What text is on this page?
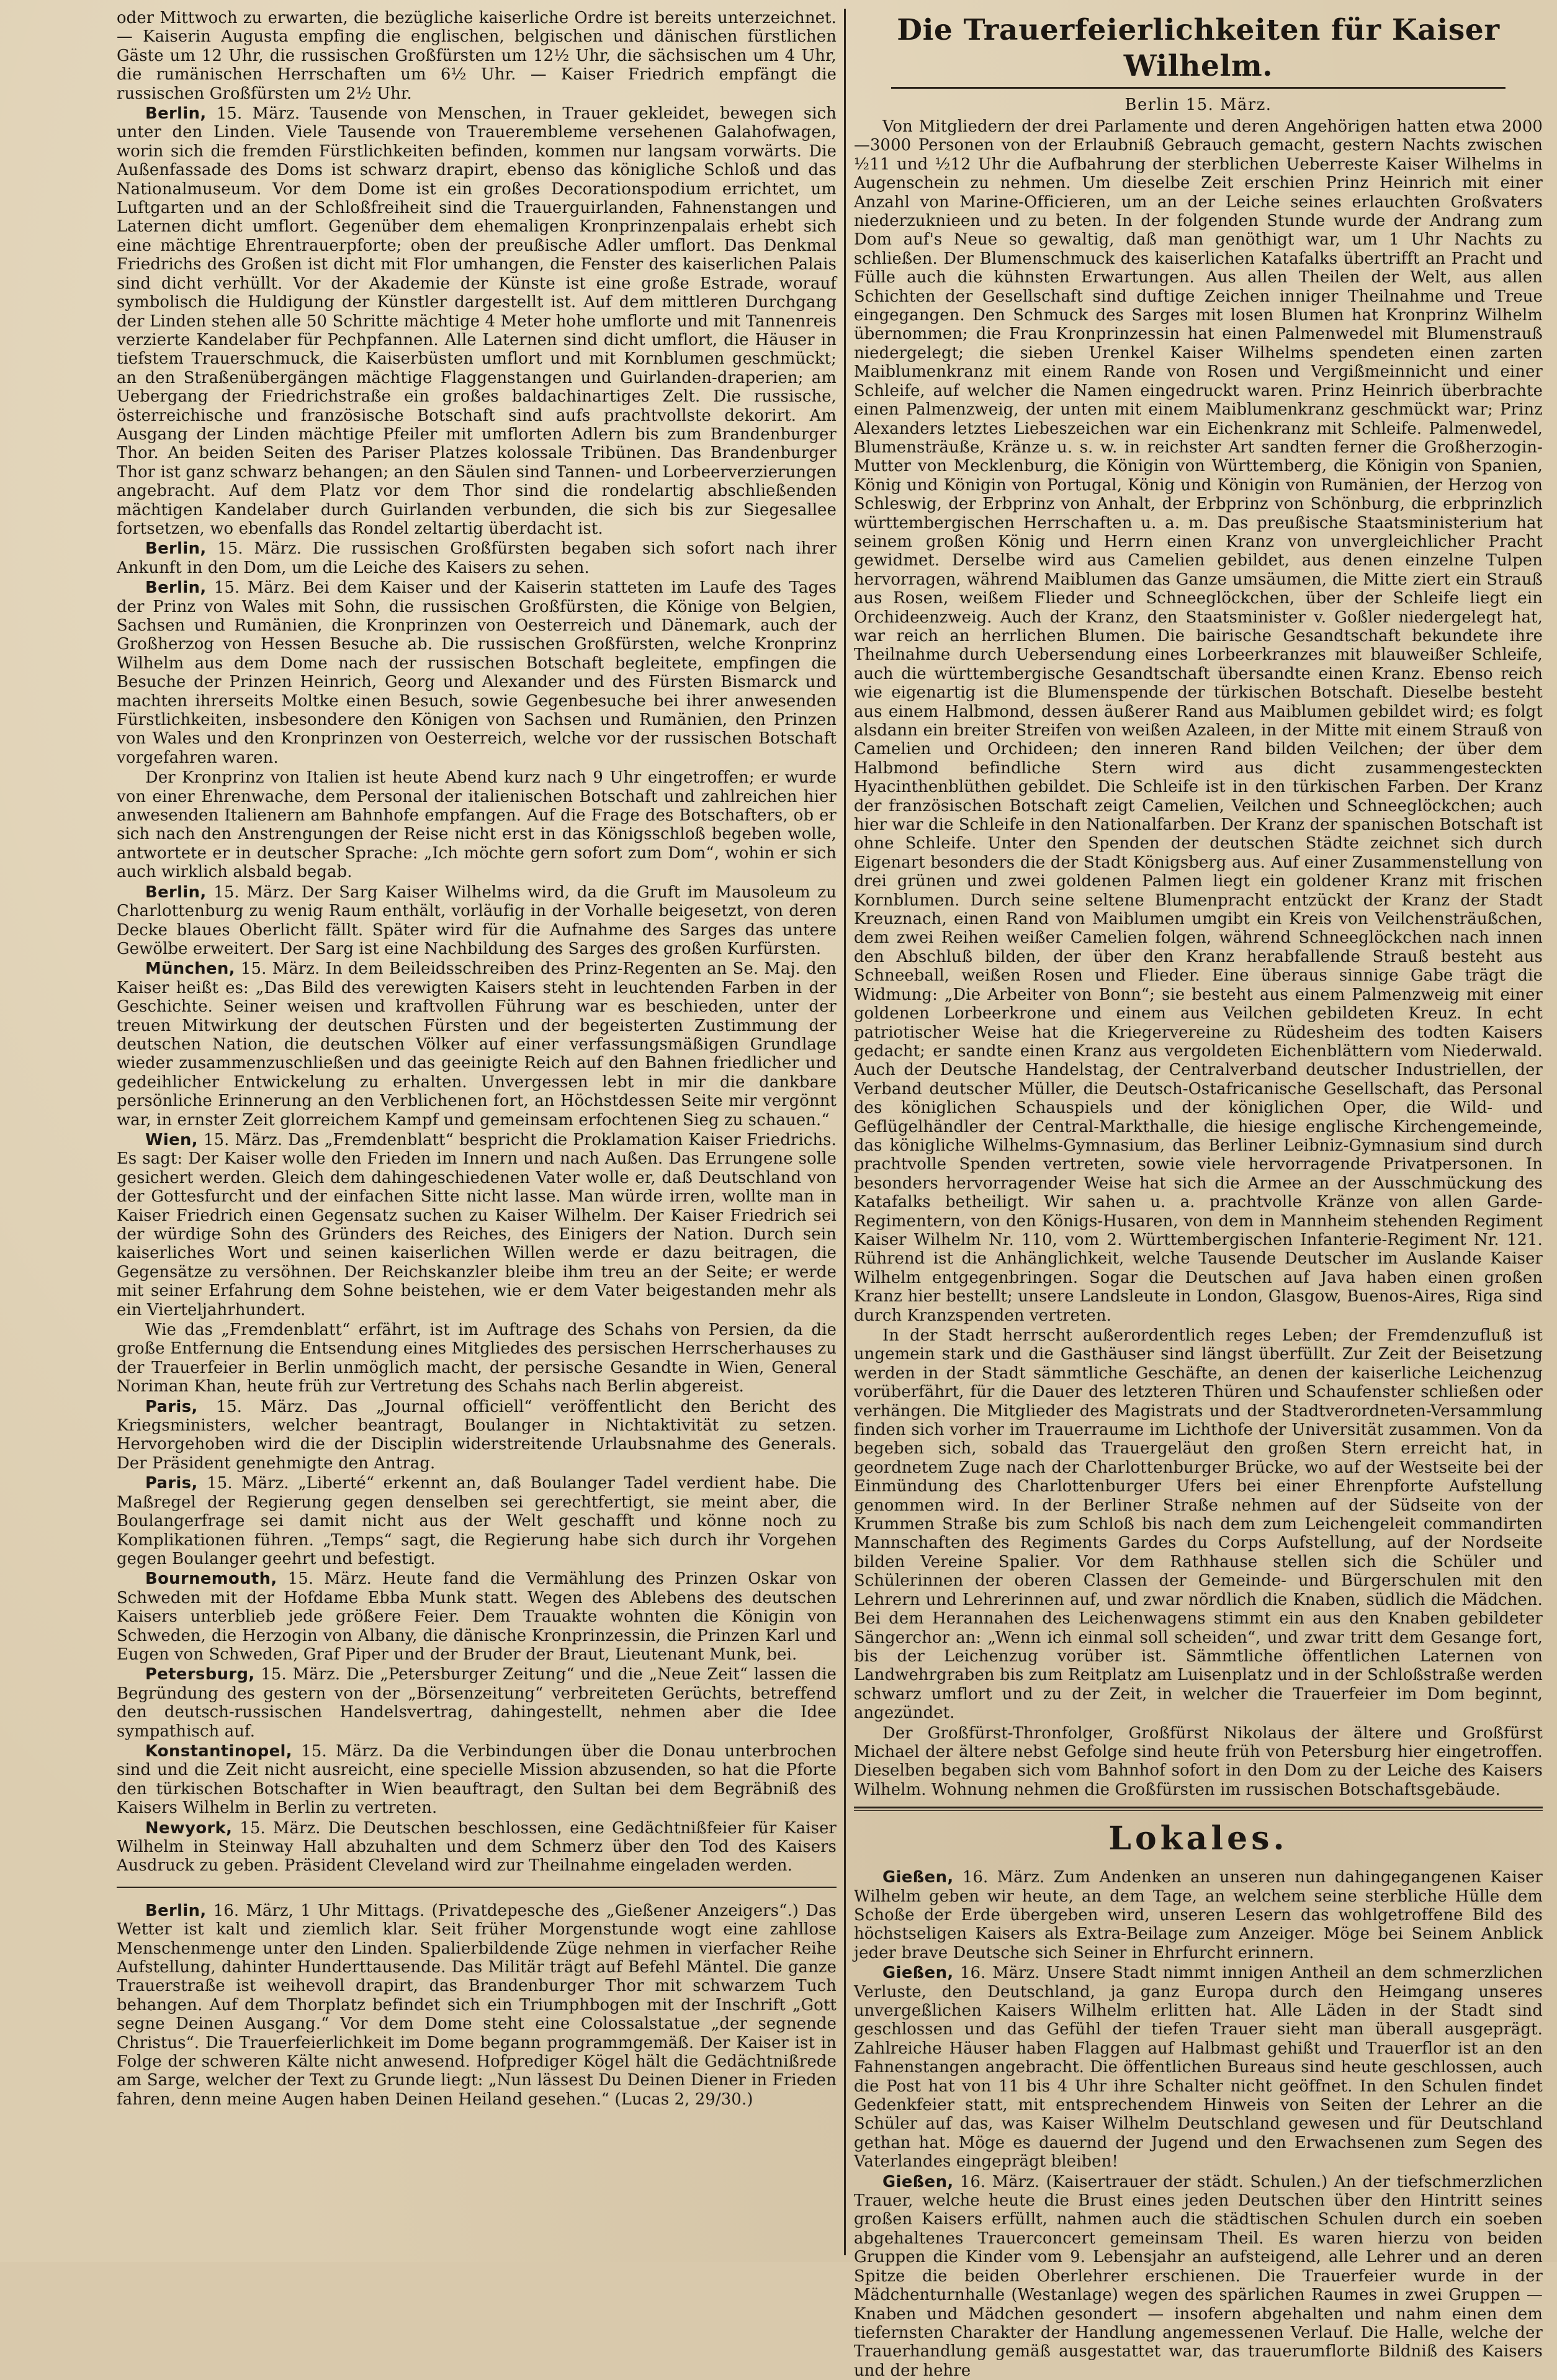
oder Mittwoch zu erwarten, die bezügliche kaiserliche Ordre ist bereits unterzeichnet. — Kaiserin Augusta empfing die englischen, belgischen und dänischen fürstlichen Gäste um 12 Uhr, die russischen Großfürsten um 12½ Uhr, die sächsischen um 4 Uhr, die rumänischen Herrschaften um 6½ Uhr. — Kaiser Friedrich empfängt die russischen Großfürsten um 2½ Uhr.

Berlin, 15. März. Tausende von Menschen, in Trauer gekleidet, bewegen sich unter den Linden. Viele Tausende von Trauerembleme versehenen Galahofwagen, worin sich die fremden Fürstlichkeiten befinden, kommen nur langsam vorwärts. Die Außenfassade des Doms ist schwarz drapirt, ebenso das königliche Schloß und das Nationalmuseum. Vor dem Dome ist ein großes Decorationspodium errichtet, um Luftgarten und an der Schloßfreiheit sind die Trauerguirlanden, Fahnenstangen und Laternen dicht umflort. Gegenüber dem ehemaligen Kronprinzenpalais erhebt sich eine mächtige Ehrentrauerpforte; oben der preußische Adler umflort. Das Denkmal Friedrichs des Großen ist dicht mit Flor umhangen, die Fenster des kaiserlichen Palais sind dicht verhüllt. Vor der Akademie der Künste ist eine große Estrade, worauf symbolisch die Huldigung der Künstler dargestellt ist. Auf dem mittleren Durchgang der Linden stehen alle 50 Schritte mächtige 4 Meter hohe umflorte und mit Tannenreis verzierte Kandelaber für Pechpfannen. Alle Laternen sind dicht umflort, die Häuser in tiefstem Trauerschmuck, die Kaiserbüsten umflort und mit Kornblumen geschmückt; an den Straßenübergängen mächtige Flaggenstangen und Guirlanden-draperien; am Uebergang der Friedrichstraße ein großes baldachinartiges Zelt. Die russische, österreichische und französische Botschaft sind aufs prachtvollste dekorirt. Am Ausgang der Linden mächtige Pfeiler mit umflorten Adlern bis zum Brandenburger Thor. An beiden Seiten des Pariser Platzes kolossale Tribünen. Das Brandenburger Thor ist ganz schwarz behangen; an den Säulen sind Tannen- und Lorbeerverzierungen angebracht. Auf dem Platz vor dem Thor sind die rondelartig abschließenden mächtigen Kandelaber durch Guirlanden verbunden, die sich bis zur Siegesallee fortsetzen, wo ebenfalls das Rondel zeltartig überdacht ist.

Berlin, 15. März. Die russischen Großfürsten begaben sich sofort nach ihrer Ankunft in den Dom, um die Leiche des Kaisers zu sehen.

Berlin, 15. März. Bei dem Kaiser und der Kaiserin statteten im Laufe des Tages der Prinz von Wales mit Sohn, die russischen Großfürsten, die Könige von Belgien, Sachsen und Rumänien, die Kronprinzen von Oesterreich und Dänemark, auch der Großherzog von Hessen Besuche ab. Die russischen Großfürsten, welche Kronprinz Wilhelm aus dem Dome nach der russischen Botschaft begleitete, empfingen die Besuche der Prinzen Heinrich, Georg und Alexander und des Fürsten Bismarck und machten ihrerseits Moltke einen Besuch, sowie Gegenbesuche bei ihrer anwesenden Fürstlichkeiten, insbesondere den Königen von Sachsen und Rumänien, den Prinzen von Wales und den Kronprinzen von Oesterreich, welche vor der russischen Botschaft vorgefahren waren.

Der Kronprinz von Italien ist heute Abend kurz nach 9 Uhr eingetroffen; er wurde von einer Ehrenwache, dem Personal der italienischen Botschaft und zahlreichen hier anwesenden Italienern am Bahnhofe empfangen. Auf die Frage des Botschafters, ob er sich nach den Anstrengungen der Reise nicht erst in das Königsschloß begeben wolle, antwortete er in deutscher Sprache: „Ich möchte gern sofort zum Dom“, wohin er sich auch wirklich alsbald begab.

Berlin, 15. März. Der Sarg Kaiser Wilhelms wird, da die Gruft im Mausoleum zu Charlottenburg zu wenig Raum enthält, vorläufig in der Vorhalle beigesetzt, von deren Decke blaues Oberlicht fällt. Später wird für die Aufnahme des Sarges das untere Gewölbe erweitert. Der Sarg ist eine Nachbildung des Sarges des großen Kurfürsten.

München, 15. März. In dem Beileidsschreiben des Prinz-Regenten an Se. Maj. den Kaiser heißt es: „Das Bild des verewigten Kaisers steht in leuchtenden Farben in der Geschichte. Seiner weisen und kraftvollen Führung war es beschieden, unter der treuen Mitwirkung der deutschen Fürsten und der begeisterten Zustimmung der deutschen Nation, die deutschen Völker auf einer verfassungsmäßigen Grundlage wieder zusammenzuschließen und das geeinigte Reich auf den Bahnen friedlicher und gedeihlicher Entwickelung zu erhalten. Unvergessen lebt in mir die dankbare persönliche Erinnerung an den Verblichenen fort, an Höchstdessen Seite mir vergönnt war, in ernster Zeit glorreichem Kampf und gemeinsam erfochtenen Sieg zu schauen.“

Wien, 15. März. Das „Fremdenblatt“ bespricht die Proklamation Kaiser Friedrichs. Es sagt: Der Kaiser wolle den Frieden im Innern und nach Außen. Das Errungene solle gesichert werden. Gleich dem dahingeschiedenen Vater wolle er, daß Deutschland von der Gottesfurcht und der einfachen Sitte nicht lasse. Man würde irren, wollte man in Kaiser Friedrich einen Gegensatz suchen zu Kaiser Wilhelm. Der Kaiser Friedrich sei der würdige Sohn des Gründers des Reiches, des Einigers der Nation. Durch sein kaiserliches Wort und seinen kaiserlichen Willen werde er dazu beitragen, die Gegensätze zu versöhnen. Der Reichskanzler bleibe ihm treu an der Seite; er werde mit seiner Erfahrung dem Sohne beistehen, wie er dem Vater beigestanden mehr als ein Vierteljahrhundert.

Wie das „Fremdenblatt“ erfährt, ist im Auftrage des Schahs von Persien, da die große Entfernung die Entsendung eines Mitgliedes des persischen Herrscherhauses zu der Trauerfeier in Berlin unmöglich macht, der persische Gesandte in Wien, General Noriman Khan, heute früh zur Vertretung des Schahs nach Berlin abgereist.

Paris, 15. März. Das „Journal officiell“ veröffentlicht den Bericht des Kriegsministers, welcher beantragt, Boulanger in Nichtaktivität zu setzen. Hervorgehoben wird die der Disciplin widerstreitende Urlaubsnahme des Generals. Der Präsident genehmigte den Antrag.

Paris, 15. März. „Liberté“ erkennt an, daß Boulanger Tadel verdient habe. Die Maßregel der Regierung gegen denselben sei gerechtfertigt, sie meint aber, die Boulangerfrage sei damit nicht aus der Welt geschafft und könne noch zu Komplikationen führen. „Temps“ sagt, die Regierung habe sich durch ihr Vorgehen gegen Boulanger geehrt und befestigt.

Bournemouth, 15. März. Heute fand die Vermählung des Prinzen Oskar von Schweden mit der Hofdame Ebba Munk statt. Wegen des Ablebens des deutschen Kaisers unterblieb jede größere Feier. Dem Trauakte wohnten die Königin von Schweden, die Herzogin von Albany, die dänische Kronprinzessin, die Prinzen Karl und Eugen von Schweden, Graf Piper und der Bruder der Braut, Lieutenant Munk, bei.

Petersburg, 15. März. Die „Petersburger Zeitung“ und die „Neue Zeit“ lassen die Begründung des gestern von der „Börsenzeitung“ verbreiteten Gerüchts, betreffend den deutsch-russischen Handelsvertrag, dahingestellt, nehmen aber die Idee sympathisch auf.

Konstantinopel, 15. März. Da die Verbindungen über die Donau unterbrochen sind und die Zeit nicht ausreicht, eine specielle Mission abzusenden, so hat die Pforte den türkischen Botschafter in Wien beauftragt, den Sultan bei dem Begräbniß des Kaisers Wilhelm in Berlin zu vertreten.

Newyork, 15. März. Die Deutschen beschlossen, eine Gedächtnißfeier für Kaiser Wilhelm in Steinway Hall abzuhalten und dem Schmerz über den Tod des Kaisers Ausdruck zu geben. Präsident Cleveland wird zur Theilnahme eingeladen werden.

Berlin, 16. März, 1 Uhr Mittags. (Privatdepesche des „Gießener Anzeigers“.) Das Wetter ist kalt und ziemlich klar. Seit früher Morgenstunde wogt eine zahllose Menschenmenge unter den Linden. Spalierbildende Züge nehmen in vierfacher Reihe Aufstellung, dahinter Hunderttausende. Das Militär trägt auf Befehl Mäntel. Die ganze Trauerstraße ist weihevoll drapirt, das Brandenburger Thor mit schwarzem Tuch behangen. Auf dem Thorplatz befindet sich ein Triumphbogen mit der Inschrift „Gott segne Deinen Ausgang.“ Vor dem Dome steht eine Colossalstatue „der segnende Christus“. Die Trauerfeierlichkeit im Dome begann programmgemäß. Der Kaiser ist in Folge der schweren Kälte nicht anwesend. Hofprediger Kögel hält die Gedächtnißrede am Sarge, welcher der Text zu Grunde liegt: „Nun lässest Du Deinen Diener in Frieden fahren, denn meine Augen haben Deinen Heiland gesehen.“ (Lucas 2, 29/30.)

Die Trauerfeierlichkeiten für Kaiser Wilhelm.
Berlin 15. März.

Von Mitgliedern der drei Parlamente und deren Angehörigen hatten etwa 2000—3000 Personen von der Erlaubniß Gebrauch gemacht, gestern Nachts zwischen ½11 und ½12 Uhr die Aufbahrung der sterblichen Ueberreste Kaiser Wilhelms in Augenschein zu nehmen. Um dieselbe Zeit erschien Prinz Heinrich mit einer Anzahl von Marine-Officieren, um an der Leiche seines erlauchten Großvaters niederzuknieen und zu beten. In der folgenden Stunde wurde der Andrang zum Dom auf's Neue so gewaltig, daß man genöthigt war, um 1 Uhr Nachts zu schließen. Der Blumenschmuck des kaiserlichen Katafalks übertrifft an Pracht und Fülle auch die kühnsten Erwartungen. Aus allen Theilen der Welt, aus allen Schichten der Gesellschaft sind duftige Zeichen inniger Theilnahme und Treue eingegangen. Den Schmuck des Sarges mit losen Blumen hat Kronprinz Wilhelm übernommen; die Frau Kronprinzessin hat einen Palmenwedel mit Blumenstrauß niedergelegt; die sieben Urenkel Kaiser Wilhelms spendeten einen zarten Maiblumenkranz mit einem Rande von Rosen und Vergißmeinnicht und einer Schleife, auf welcher die Namen eingedruckt waren. Prinz Heinrich überbrachte einen Palmenzweig, der unten mit einem Maiblumenkranz geschmückt war; Prinz Alexanders letztes Liebeszeichen war ein Eichenkranz mit Schleife. Palmenwedel, Blumensträuße, Kränze u. s. w. in reichster Art sandten ferner die Großherzogin-Mutter von Mecklenburg, die Königin von Württemberg, die Königin von Spanien, König und Königin von Portugal, König und Königin von Rumänien, der Herzog von Schleswig, der Erbprinz von Anhalt, der Erbprinz von Schönburg, die erbprinzlich württembergischen Herrschaften u. a. m. Das preußische Staatsministerium hat seinem großen König und Herrn einen Kranz von unvergleichlicher Pracht gewidmet. Derselbe wird aus Camelien gebildet, aus denen einzelne Tulpen hervorragen, während Maiblumen das Ganze umsäumen, die Mitte ziert ein Strauß aus Rosen, weißem Flieder und Schneeglöckchen, über der Schleife liegt ein Orchideenzweig. Auch der Kranz, den Staatsminister v. Goßler niedergelegt hat, war reich an herrlichen Blumen. Die bairische Gesandtschaft bekundete ihre Theilnahme durch Uebersendung eines Lorbeerkranzes mit blauweißer Schleife, auch die württembergische Gesandtschaft übersandte einen Kranz. Ebenso reich wie eigenartig ist die Blumenspende der türkischen Botschaft. Dieselbe besteht aus einem Halbmond, dessen äußerer Rand aus Maiblumen gebildet wird; es folgt alsdann ein breiter Streifen von weißen Azaleen, in der Mitte mit einem Strauß von Camelien und Orchideen; den inneren Rand bilden Veilchen; der über dem Halbmond befindliche Stern wird aus dicht zusammengesteckten Hyacinthenblüthen gebildet. Die Schleife ist in den türkischen Farben. Der Kranz der französischen Botschaft zeigt Camelien, Veilchen und Schneeglöckchen; auch hier war die Schleife in den Nationalfarben. Der Kranz der spanischen Botschaft ist ohne Schleife. Unter den Spenden der deutschen Städte zeichnet sich durch Eigenart besonders die der Stadt Königsberg aus. Auf einer Zusammenstellung von drei grünen und zwei goldenen Palmen liegt ein goldener Kranz mit frischen Kornblumen. Durch seine seltene Blumenpracht entzückt der Kranz der Stadt Kreuznach, einen Rand von Maiblumen umgibt ein Kreis von Veilchensträußchen, dem zwei Reihen weißer Camelien folgen, während Schneeglöckchen nach innen den Abschluß bilden, der über den Kranz herabfallende Strauß besteht aus Schneeball, weißen Rosen und Flieder. Eine überaus sinnige Gabe trägt die Widmung: „Die Arbeiter von Bonn“; sie besteht aus einem Palmenzweig mit einer goldenen Lorbeerkrone und einem aus Veilchen gebildeten Kreuz. In echt patriotischer Weise hat die Kriegervereine zu Rüdesheim des todten Kaisers gedacht; er sandte einen Kranz aus vergoldeten Eichenblättern vom Niederwald. Auch der Deutsche Handelstag, der Centralverband deutscher Industriellen, der Verband deutscher Müller, die Deutsch-Ostafricanische Gesellschaft, das Personal des königlichen Schauspiels und der königlichen Oper, die Wild- und Geflügelhändler der Central-Markthalle, die hiesige englische Kirchengemeinde, das königliche Wilhelms-Gymnasium, das Berliner Leibniz-Gymnasium sind durch prachtvolle Spenden vertreten, sowie viele hervorragende Privatpersonen. In besonders hervorragender Weise hat sich die Armee an der Ausschmückung des Katafalks betheiligt. Wir sahen u. a. prachtvolle Kränze von allen Garde-Regimentern, von den Königs-Husaren, von dem in Mannheim stehenden Regiment Kaiser Wilhelm Nr. 110, vom 2. Württembergischen Infanterie-Regiment Nr. 121. Rührend ist die Anhänglichkeit, welche Tausende Deutscher im Auslande Kaiser Wilhelm entgegenbringen. Sogar die Deutschen auf Java haben einen großen Kranz hier bestellt; unsere Landsleute in London, Glasgow, Buenos-Aires, Riga sind durch Kranzspenden vertreten.

In der Stadt herrscht außerordentlich reges Leben; der Fremdenzufluß ist ungemein stark und die Gasthäuser sind längst überfüllt. Zur Zeit der Beisetzung werden in der Stadt sämmtliche Geschäfte, an denen der kaiserliche Leichenzug vorüberfährt, für die Dauer des letzteren Thüren und Schaufenster schließen oder verhängen. Die Mitglieder des Magistrats und der Stadtverordneten-Versammlung finden sich vorher im Trauerraume im Lichthofe der Universität zusammen. Von da begeben sich, sobald das Trauergeläut den großen Stern erreicht hat, in geordnetem Zuge nach der Charlottenburger Brücke, wo auf der Westseite bei der Einmündung des Charlottenburger Ufers bei einer Ehrenpforte Aufstellung genommen wird. In der Berliner Straße nehmen auf der Südseite von der Krummen Straße bis zum Schloß bis nach dem zum Leichengeleit commandirten Mannschaften des Regiments Gardes du Corps Aufstellung, auf der Nordseite bilden Vereine Spalier. Vor dem Rathhause stellen sich die Schüler und Schülerinnen der oberen Classen der Gemeinde- und Bürgerschulen mit den Lehrern und Lehrerinnen auf, und zwar nördlich die Knaben, südlich die Mädchen. Bei dem Herannahen des Leichenwagens stimmt ein aus den Knaben gebildeter Sängerchor an: „Wenn ich einmal soll scheiden“, und zwar tritt dem Gesange fort, bis der Leichenzug vorüber ist. Sämmtliche öffentlichen Laternen von Landwehrgraben bis zum Reitplatz am Luisenplatz und in der Schloßstraße werden schwarz umflort und zu der Zeit, in welcher die Trauerfeier im Dom beginnt, angezündet.

Der Großfürst-Thronfolger, Großfürst Nikolaus der ältere und Großfürst Michael der ältere nebst Gefolge sind heute früh von Petersburg hier eingetroffen. Dieselben begaben sich vom Bahnhof sofort in den Dom zu der Leiche des Kaisers Wilhelm. Wohnung nehmen die Großfürsten im russischen Botschaftsgebäude.

Lokales.

Gießen, 16. März. Zum Andenken an unseren nun dahingegangenen Kaiser Wilhelm geben wir heute, an dem Tage, an welchem seine sterbliche Hülle dem Schoße der Erde übergeben wird, unseren Lesern das wohlgetroffene Bild des höchstseligen Kaisers als Extra-Beilage zum Anzeiger. Möge bei Seinem Anblick jeder brave Deutsche sich Seiner in Ehrfurcht erinnern.

Gießen, 16. März. Unsere Stadt nimmt innigen Antheil an dem schmerzlichen Verluste, den Deutschland, ja ganz Europa durch den Heimgang unseres unvergeßlichen Kaisers Wilhelm erlitten hat. Alle Läden in der Stadt sind geschlossen und das Gefühl der tiefen Trauer sieht man überall ausgeprägt. Zahlreiche Häuser haben Flaggen auf Halbmast gehißt und Trauerflor ist an den Fahnenstangen angebracht. Die öffentlichen Bureaus sind heute geschlossen, auch die Post hat von 11 bis 4 Uhr ihre Schalter nicht geöffnet. In den Schulen findet Gedenkfeier statt, mit entsprechendem Hinweis von Seiten der Lehrer an die Schüler auf das, was Kaiser Wilhelm Deutschland gewesen und für Deutschland gethan hat. Möge es dauernd der Jugend und den Erwachsenen zum Segen des Vaterlandes eingeprägt bleiben!

Gießen, 16. März. (Kaisertrauer der städt. Schulen.) An der tiefschmerzlichen Trauer, welche heute die Brust eines jeden Deutschen über den Hintritt seines großen Kaisers erfüllt, nahmen auch die städtischen Schulen durch ein soeben abgehaltenes Trauerconcert gemeinsam Theil. Es waren hierzu von beiden Gruppen die Kinder vom 9. Lebensjahr an aufsteigend, alle Lehrer und an deren Spitze die beiden Oberlehrer erschienen. Die Trauerfeier wurde in der Mädchenturnhalle (Westanlage) wegen des spärlichen Raumes in zwei Gruppen — Knaben und Mädchen gesondert — insofern abgehalten und nahm einen dem tiefernsten Charakter der Handlung angemessenen Verlauf. Die Halle, welche der Trauerhandlung gemäß ausgestattet war, das trauerumflorte Bildniß des Kaisers und der hehre
